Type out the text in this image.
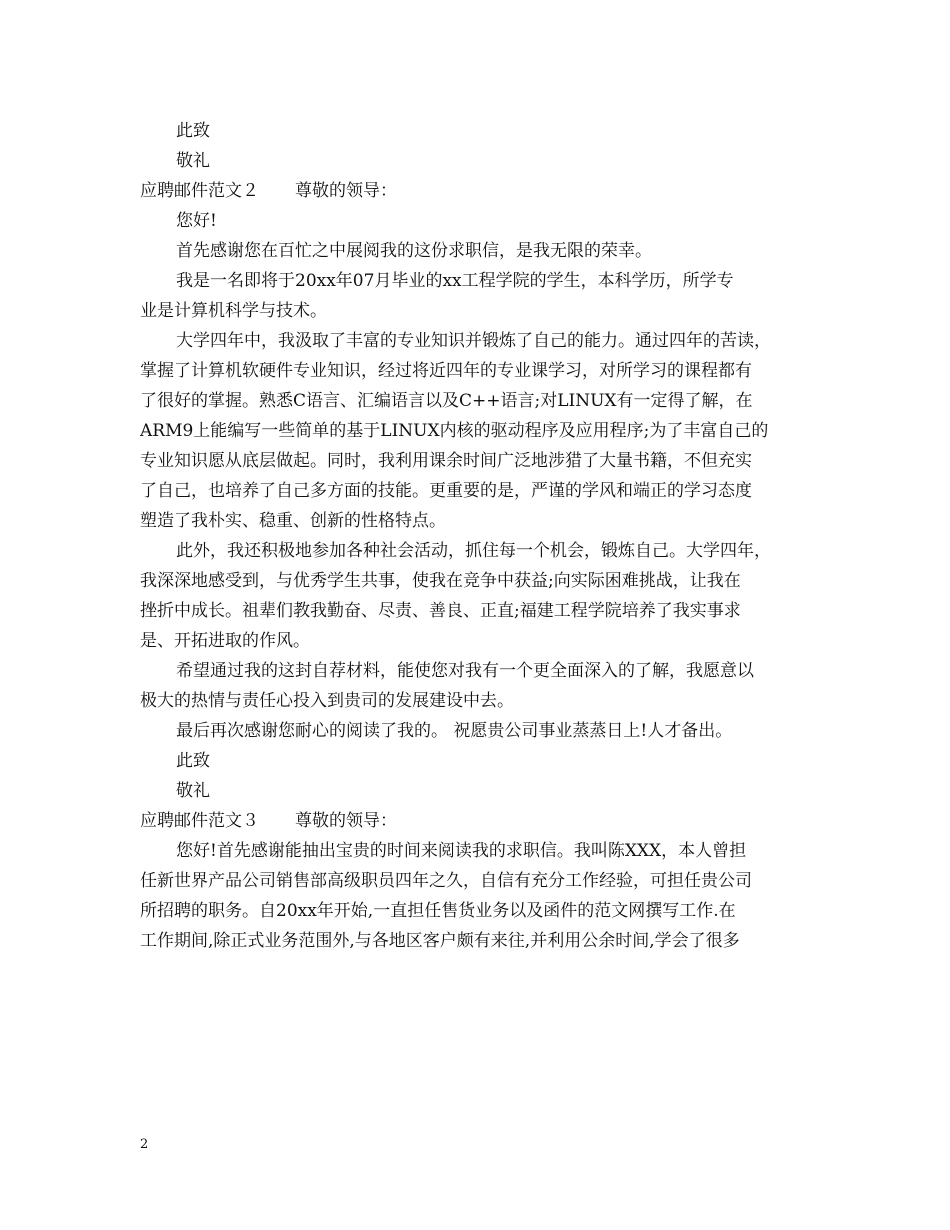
此致
敬礼
应聘邮件范文２ 尊敬的领导：
您好!
首先感谢您在百忙之中展阅我的这份求职信，是我无限的荣幸。
我是一名即将于20xx年07月毕业的xx工程学院的学生，本科学历，所学专
业是计算机科学与技术。
大学四年中，我汲取了丰富的专业知识并锻炼了自己的能力。通过四年的苦读，
掌握了计算机软硬件专业知识，经过将近四年的专业课学习，对所学习的课程都有
了很好的掌握。熟悉C语言、汇编语言以及C++语言;对LINUX有一定得了解，在
ARM9上能编写一些简单的基于LINUX内核的驱动程序及应用程序;为了丰富自己的
专业知识愿从底层做起。同时，我利用课余时间广泛地涉猎了大量书籍，不但充实
了自己，也培养了自己多方面的技能。更重要的是，严谨的学风和端正的学习态度
塑造了我朴实、稳重、创新的性格特点。
此外，我还积极地参加各种社会活动，抓住每一个机会，锻炼自己。大学四年，
我深深地感受到，与优秀学生共事，使我在竞争中获益;向实际困难挑战，让我在
挫折中成长。祖辈们教我勤奋、尽责、善良、正直;福建工程学院培养了我实事求
是、开拓进取的作风。
希望通过我的这封自荐材料，能使您对我有一个更全面深入的了解，我愿意以
极大的热情与责任心投入到贵司的发展建设中去。
最后再次感谢您耐心的阅读了我的。 祝愿贵公司事业蒸蒸日上!人才备出。
此致
敬礼
应聘邮件范文３ 尊敬的领导：
您好!首先感谢能抽出宝贵的时间来阅读我的求职信。我叫陈XXX，本人曾担
任新世界产品公司销售部高级职员四年之久，自信有充分工作经验，可担任贵公司
所招聘的职务。自20xx年开始,一直担任售货业务以及函件的范文网撰写工作.在
工作期间,除正式业务范围外,与各地区客户颇有来往,并利用公余时间,学会了很多
2
